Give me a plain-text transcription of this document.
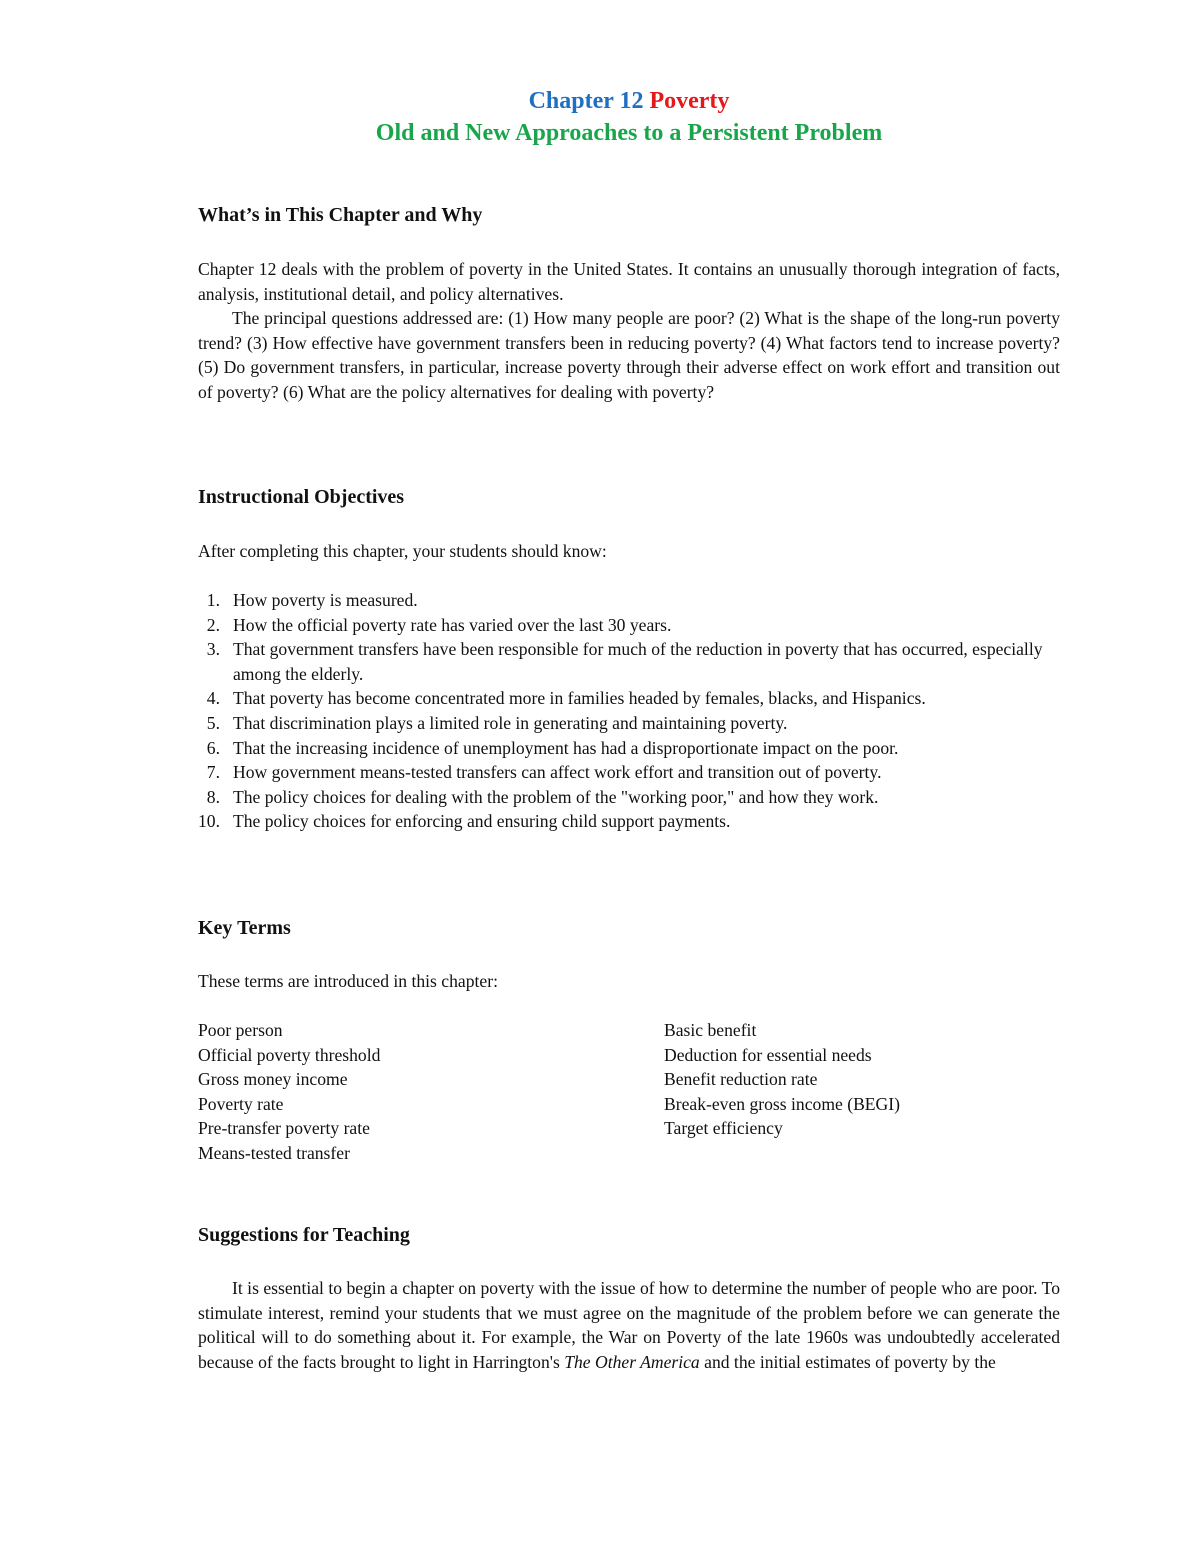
Chapter 12 Poverty
Old and New Approaches to a Persistent Problem
What’s in This Chapter and Why

Chapter 12 deals with the problem of poverty in the United States. It contains an unusually thorough integration of facts, analysis, institutional detail, and policy alternatives.

The principal questions addressed are: (1) How many people are poor? (2) What is the shape of the long-run poverty trend? (3) How effective have government transfers been in reducing poverty? (4) What factors tend to increase poverty? (5) Do government transfers, in particular, increase poverty through their adverse effect on work effort and transition out of poverty? (6) What are the policy alternatives for dealing with poverty?

Instructional Objectives
After completing this chapter, your students should know:
1. How poverty is measured.
2. How the official poverty rate has varied over the last 30 years.
3. That government transfers have been responsible for much of the reduction in poverty that has occurred, especially among the elderly.
4. That poverty has become concentrated more in families headed by females, blacks, and Hispanics.
5. That discrimination plays a limited role in generating and maintaining poverty.
6. That the increasing incidence of unemployment has had a disproportionate impact on the poor.
7. How government means-tested transfers can affect work effort and transition out of poverty.
8. The policy choices for dealing with the problem of the "working poor," and how they work.
10. The policy choices for enforcing and ensuring child support payments.
Key Terms
These terms are introduced in this chapter:
Poor person
Official poverty threshold
Gross money income
Poverty rate
Pre-transfer poverty rate
Means-tested transfer
Basic benefit
Deduction for essential needs
Benefit reduction rate
Break-even gross income (BEGI)
Target efficiency
Suggestions for Teaching
It is essential to begin a chapter on poverty with the issue of how to determine the number of people who are poor. To stimulate interest, remind your students that we must agree on the magnitude of the problem before we can generate the political will to do something about it. For example, the War on Poverty of the late 1960s was undoubtedly accelerated because of the facts brought to light in Harrington's The Other America and the initial estimates of poverty by the
